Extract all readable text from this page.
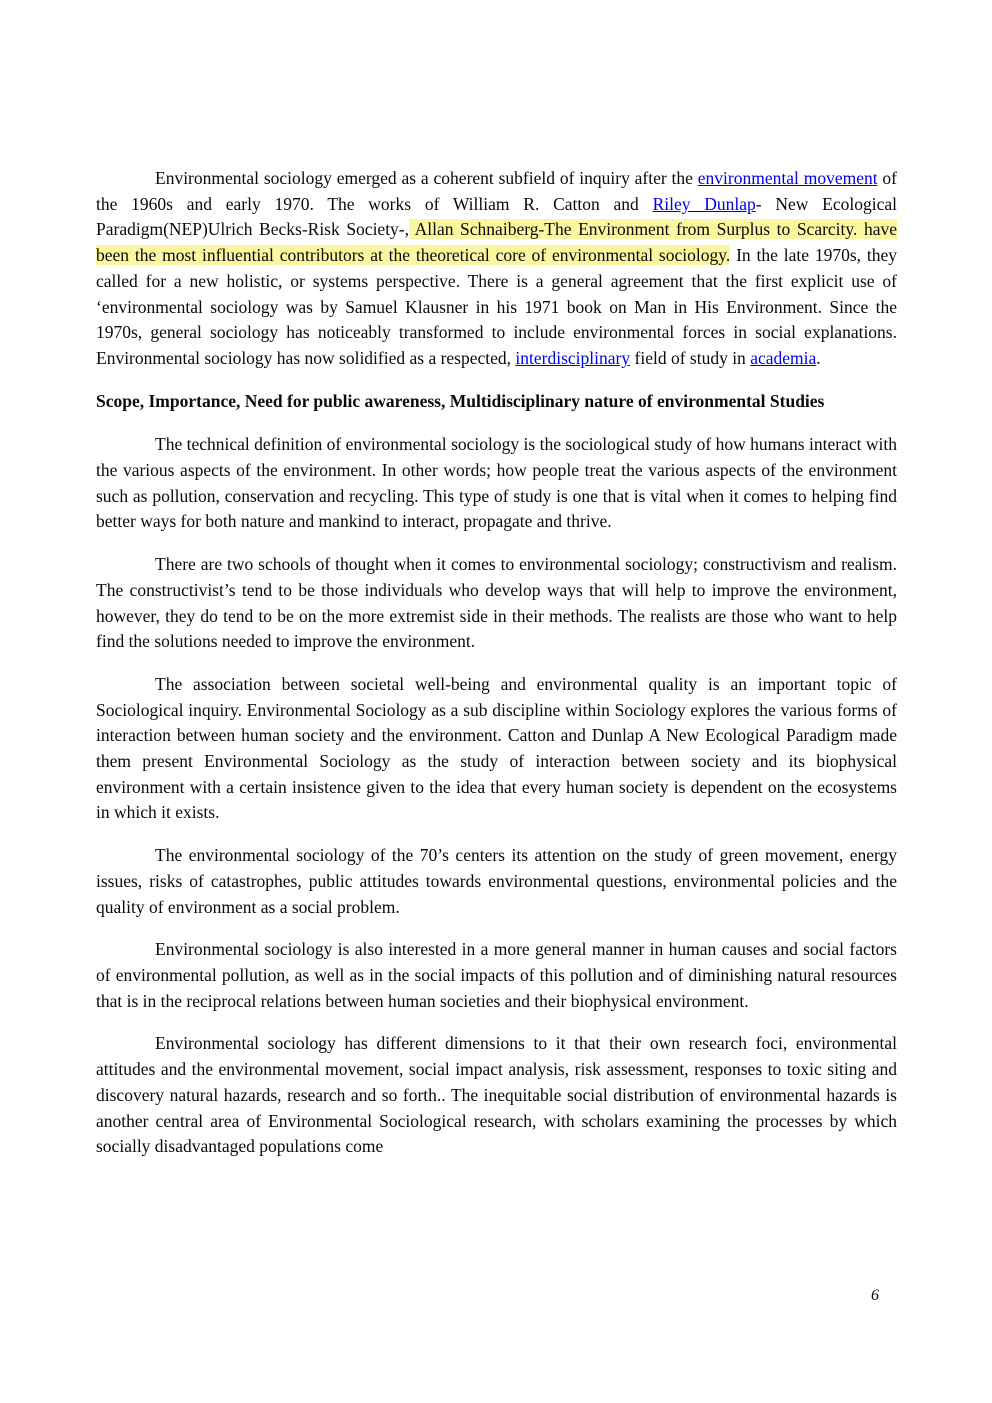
Environmental sociology emerged as a coherent subfield of inquiry after the environmental movement of the 1960s and early 1970. The works of William R. Catton and Riley Dunlap- New Ecological Paradigm(NEP)Ulrich Becks-Risk Society-, Allan Schnaiberg-The Environment from Surplus to Scarcity. have been the most influential contributors at the theoretical core of environmental sociology. In the late 1970s, they called for a new holistic, or systems perspective. There is a general agreement that the first explicit use of ‘environmental sociology was by Samuel Klausner in his 1971 book on Man in His Environment. Since the 1970s, general sociology has noticeably transformed to include environmental forces in social explanations. Environmental sociology has now solidified as a respected, interdisciplinary field of study in academia.

Scope, Importance, Need for public awareness, Multidisciplinary nature of environmental Studies

The technical definition of environmental sociology is the sociological study of how humans interact with the various aspects of the environment. In other words; how people treat the various aspects of the environment such as pollution, conservation and recycling. This type of study is one that is vital when it comes to helping find better ways for both nature and mankind to interact, propagate and thrive.

There are two schools of thought when it comes to environmental sociology; constructivism and realism. The constructivist’s tend to be those individuals who develop ways that will help to improve the environment, however, they do tend to be on the more extremist side in their methods. The realists are those who want to help find the solutions needed to improve the environment.

The association between societal well-being and environmental quality is an important topic of Sociological inquiry. Environmental Sociology as a sub discipline within Sociology explores the various forms of interaction between human society and the environment. Catton and Dunlap A New Ecological Paradigm made them present Environmental Sociology as the study of interaction between society and its biophysical environment with a certain insistence given to the idea that every human society is dependent on the ecosystems in which it exists.

The environmental sociology of the 70’s centers its attention on the study of green movement, energy issues, risks of catastrophes, public attitudes towards environmental questions, environmental policies and the quality of environment as a social problem.

Environmental sociology is also interested in a more general manner in human causes and social factors of environmental pollution, as well as in the social impacts of this pollution and of diminishing natural resources that is in the reciprocal relations between human societies and their biophysical environment.

Environmental sociology has different dimensions to it that their own research foci, environmental attitudes and the environmental movement, social impact analysis, risk assessment, responses to toxic siting and discovery natural hazards, research and so forth.. The inequitable social distribution of environmental hazards is another central area of Environmental Sociological research, with scholars examining the processes by which socially disadvantaged populations come

6
